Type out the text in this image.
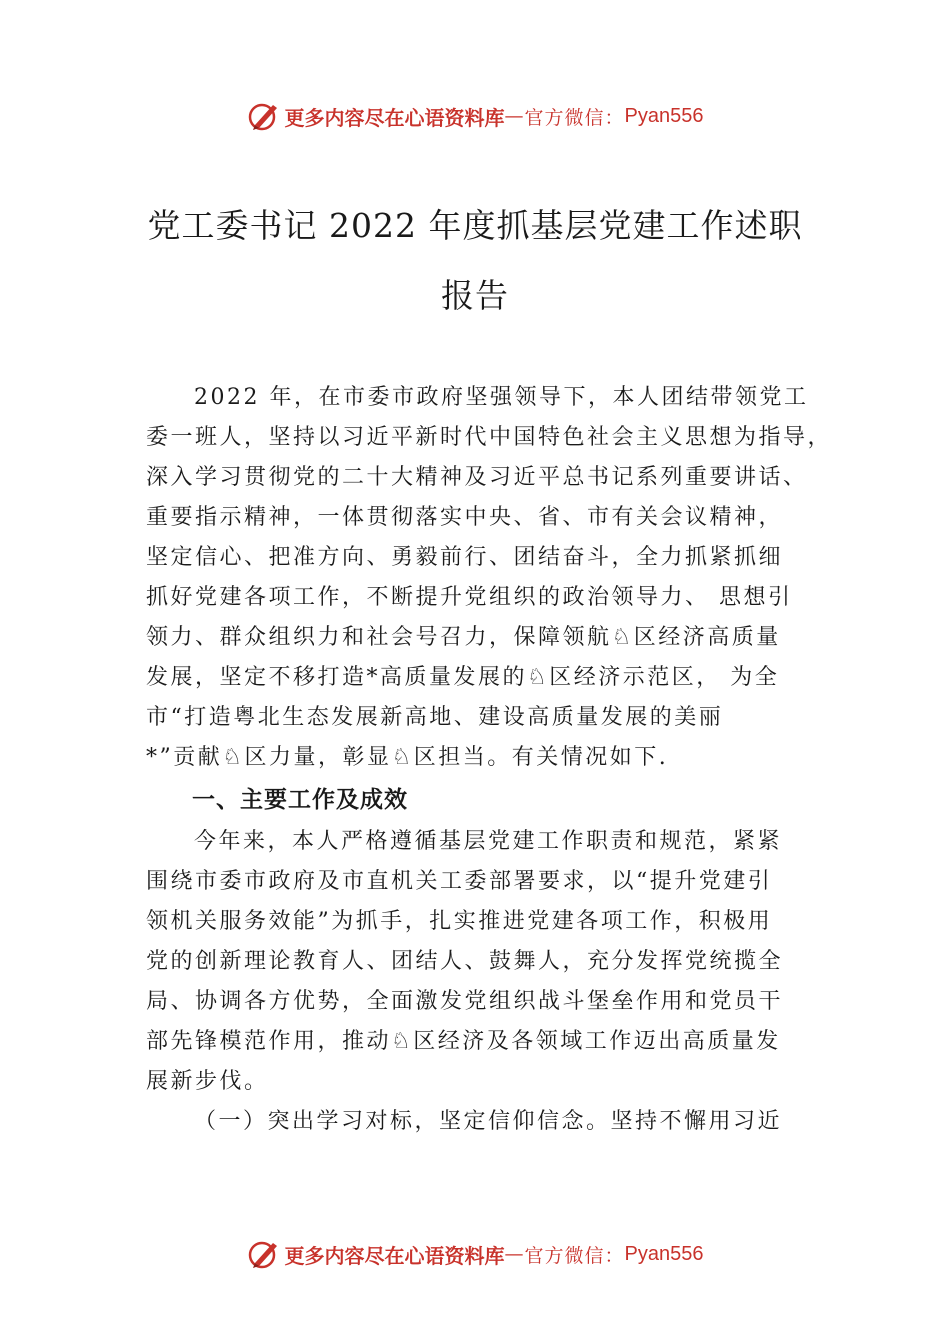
更多内容尽在心语资料库 — 官方微信： Pyan556
党工委书记 2022 年度抓基层党建工作述职
报告
2022 年，在市委市政府坚强领导下，本人团结带领党工
委一班人，坚持以习近平新时代中国特色社会主义思想为指导，
深入学习贯彻党的二十大精神及习近平总书记系列重要讲话、
重要指示精神，一体贯彻落实中央、省、市有关会议精神，
坚定信心、把准方向、勇毅前行、团结奋斗，全力抓紧抓细
抓好党建各项工作，不断提升党组织的政治领导力、 思想引
领力、群众组织力和社会号召力，保障领航♘区经济高质量
发展，坚定不移打造*高质量发展的♘区经济示范区， 为全
市“打造粤北生态发展新高地、建设高质量发展的美丽
*”贡献♘区力量，彰显♘区担当。有关情况如下.
一、主要工作及成效
今年来，本人严格遵循基层党建工作职责和规范，紧紧
围绕市委市政府及市直机关工委部署要求，以“提升党建引
领机关服务效能”为抓手，扎实推进党建各项工作，积极用
党的创新理论教育人、团结人、鼓舞人，充分发挥党统揽全
局、协调各方优势，全面激发党组织战斗堡垒作用和党员干
部先锋模范作用，推动♘区经济及各领域工作迈出高质量发
展新步伐。
（一）突出学习对标，坚定信仰信念。坚持不懈用习近
更多内容尽在心语资料库 — 官方微信： Pyan556
